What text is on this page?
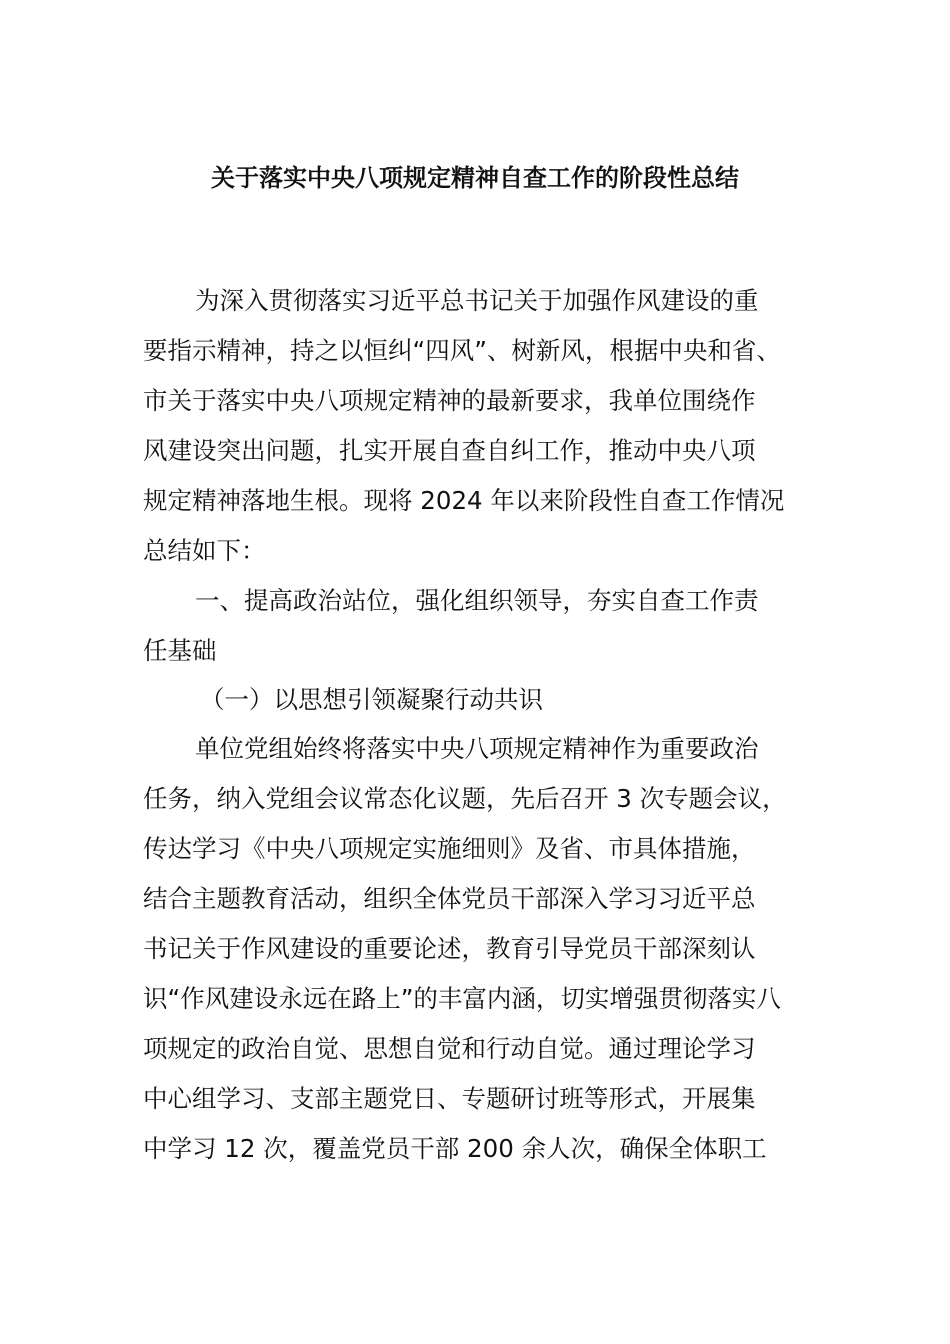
关于落实中央八项规定精神自查工作的阶段性总结
为深入贯彻落实习近平总书记关于加强作风建设的重
要指示精神，持之以恒纠“四风”、树新风，根据中央和省、
市关于落实中央八项规定精神的最新要求，我单位围绕作
风建设突出问题，扎实开展自查自纠工作，推动中央八项
规定精神落地生根。现将 2024 年以来阶段性自查工作情况
总结如下：
一、提高政治站位，强化组织领导，夯实自查工作责
任基础
（一）以思想引领凝聚行动共识
单位党组始终将落实中央八项规定精神作为重要政治
任务，纳入党组会议常态化议题，先后召开 3 次专题会议，
传达学习《中央八项规定实施细则》及省、市具体措施，
结合主题教育活动，组织全体党员干部深入学习习近平总
书记关于作风建设的重要论述，教育引导党员干部深刻认
识“作风建设永远在路上”的丰富内涵，切实增强贯彻落实八
项规定的政治自觉、思想自觉和行动自觉。通过理论学习
中心组学习、支部主题党日、专题研讨班等形式，开展集
中学习 12 次，覆盖党员干部 200 余人次，确保全体职工
